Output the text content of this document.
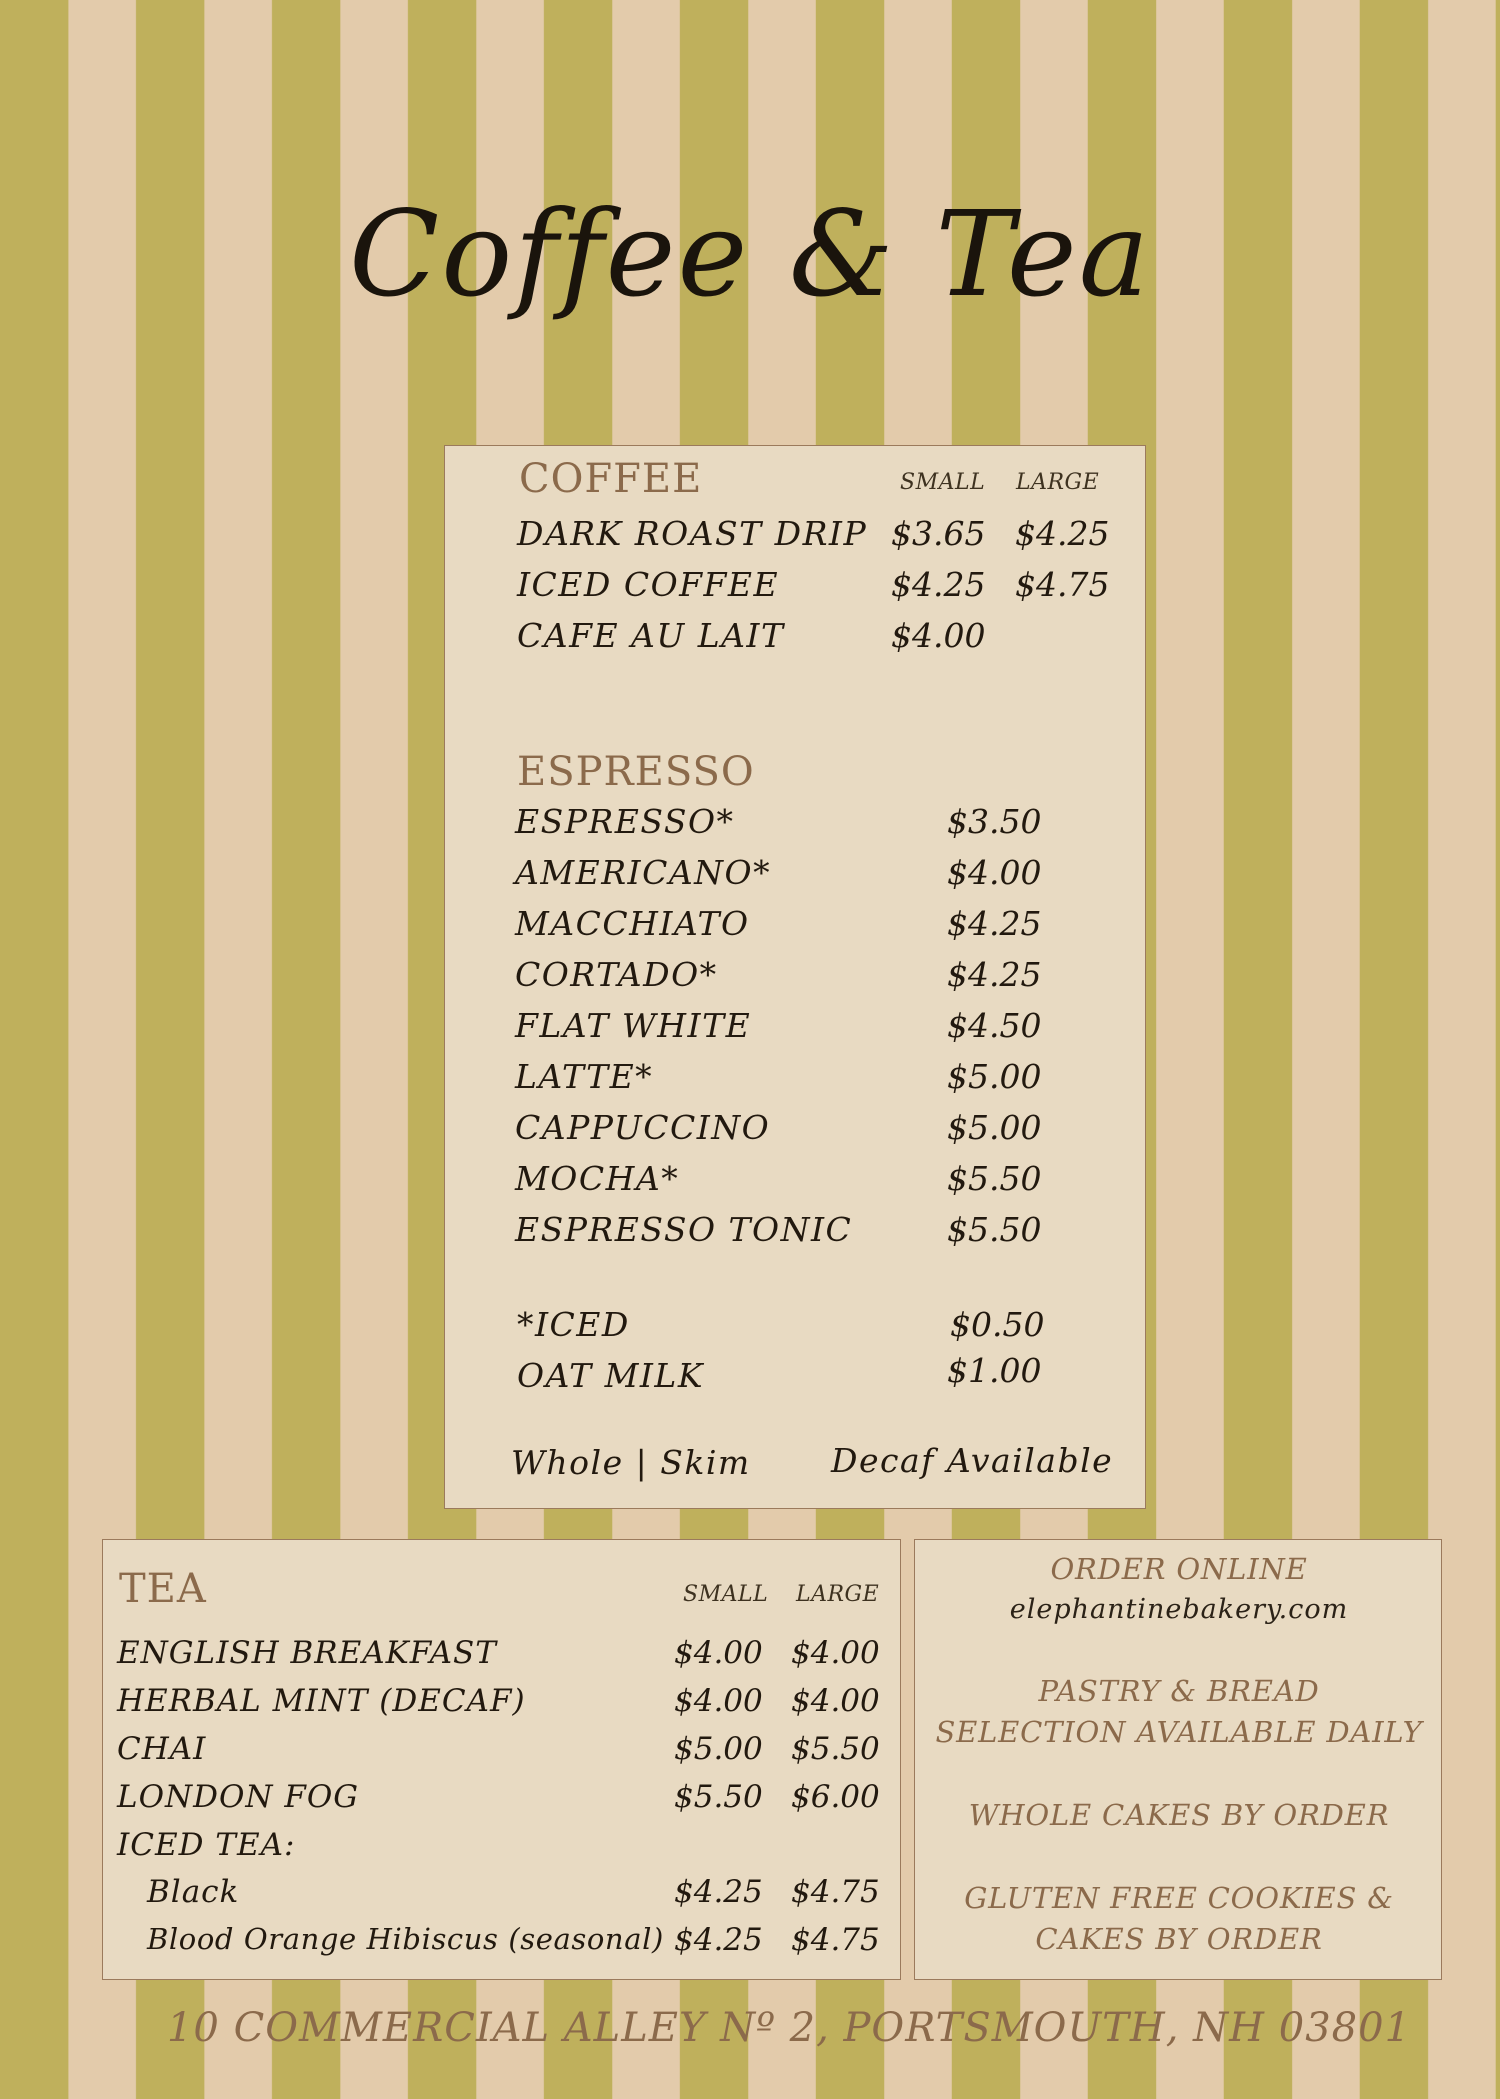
Coffee & Tea
COFFEE	SMALL LARGE
DARK ROAST DRIP $3.65 $4.25
ICED COFFEE	$4.25 $4.75
CAFE AU LAIT	$4.00
ESPRESSO
ESPRESSO*	$3.50
AMERICANO*	$4.00
MACCHIATO	$4.25
CORTADO*	$4.25
FLAT WHITE	$4.50
LATTE*	$5.00
CAPPUCCINO	$5.00
MOCHA*	$5.50
ESPRESSO TONIC	$5.50
*ICED	$0.50
OAT MILK	$1.00
Whole | Skim Decaf Available
TEA	SMALL LARGE
ENGLISH BREAKFAST	$4.00 $4.00
HERBAL MINT (DECAF)	$4.00 $4.00
CHAI	$5.00 $5.50
LONDON FOG	$5.50 $6.00
ICED TEA:
Black	$4.25 $4.75
Blood Orange Hibiscus (seasonal) $4.25 $4.75
ORDER ONLINE
elephantinebakery.com
PASTRY & BREAD
SELECTION AVAILABLE DAILY
WHOLE CAKES BY ORDER
GLUTEN FREE COOKIES &
CAKES BY ORDER
10 COMMERCIAL ALLEY Nº 2, PORTSMOUTH, NH 03801
